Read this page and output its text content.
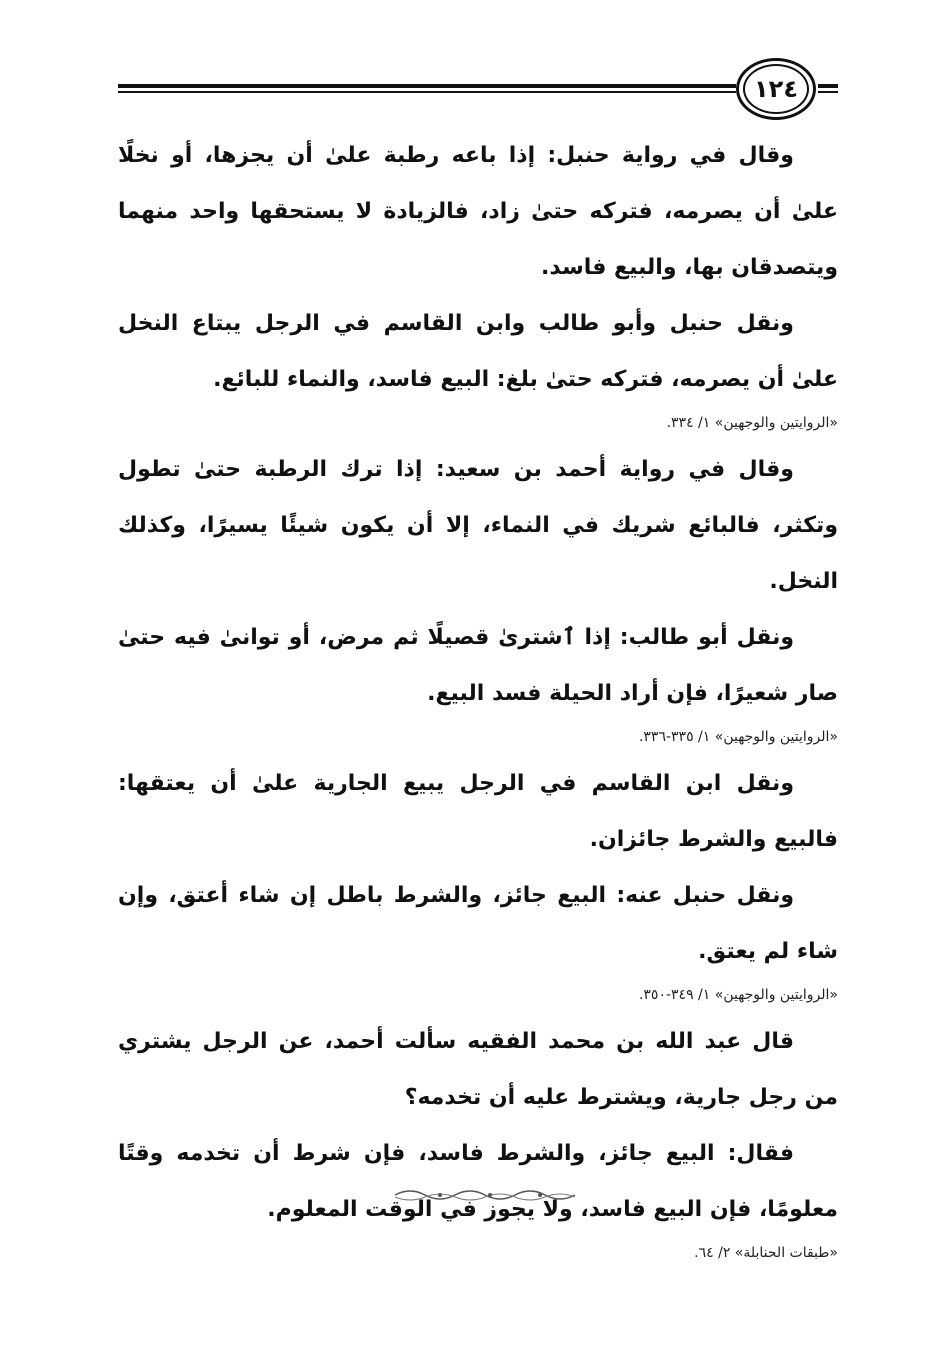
١٢٤

وقال في رواية حنبل: إذا باعه رطبة علىٰ أن يجزها، أو نخلًا علىٰ أن يصرمه، فتركه حتىٰ زاد، فالزيادة لا يستحقها واحد منهما ويتصدقان بها، والبيع فاسد.

ونقل حنبل وأبو طالب وابن القاسم في الرجل يبتاع النخل علىٰ أن يصرمه، فتركه حتىٰ بلغ: البيع فاسد، والنماء للبائع.

«الروايتين والوجهين» ١/ ٣٣٤.

وقال في رواية أحمد بن سعيد: إذا ترك الرطبة حتىٰ تطول وتكثر، فالبائع شريك في النماء، إلا أن يكون شيئًا يسيرًا، وكذلك النخل.

ونقل أبو طالب: إذا ٱشترىٰ قصيلًا ثم مرض، أو توانىٰ فيه حتىٰ صار شعيرًا، فإن أراد الحيلة فسد البيع.

«الروايتين والوجهين» ١/ ٣٣٥-٣٣٦.

ونقل ابن القاسم في الرجل يبيع الجارية علىٰ أن يعتقها: فالبيع والشرط جائزان.

ونقل حنبل عنه: البيع جائز، والشرط باطل إن شاء أعتق، وإن شاء لم يعتق.

«الروايتين والوجهين» ١/ ٣٤٩-٣٥٠.

قال عبد الله بن محمد الفقيه سألت أحمد، عن الرجل يشتري من رجل جارية، ويشترط عليه أن تخدمه؟

فقال: البيع جائز، والشرط فاسد، فإن شرط أن تخدمه وقتًا معلومًا، فإن البيع فاسد، ولا يجوز في الوقت المعلوم.

«طبقات الحنابلة» ٢/ ٦٤.
